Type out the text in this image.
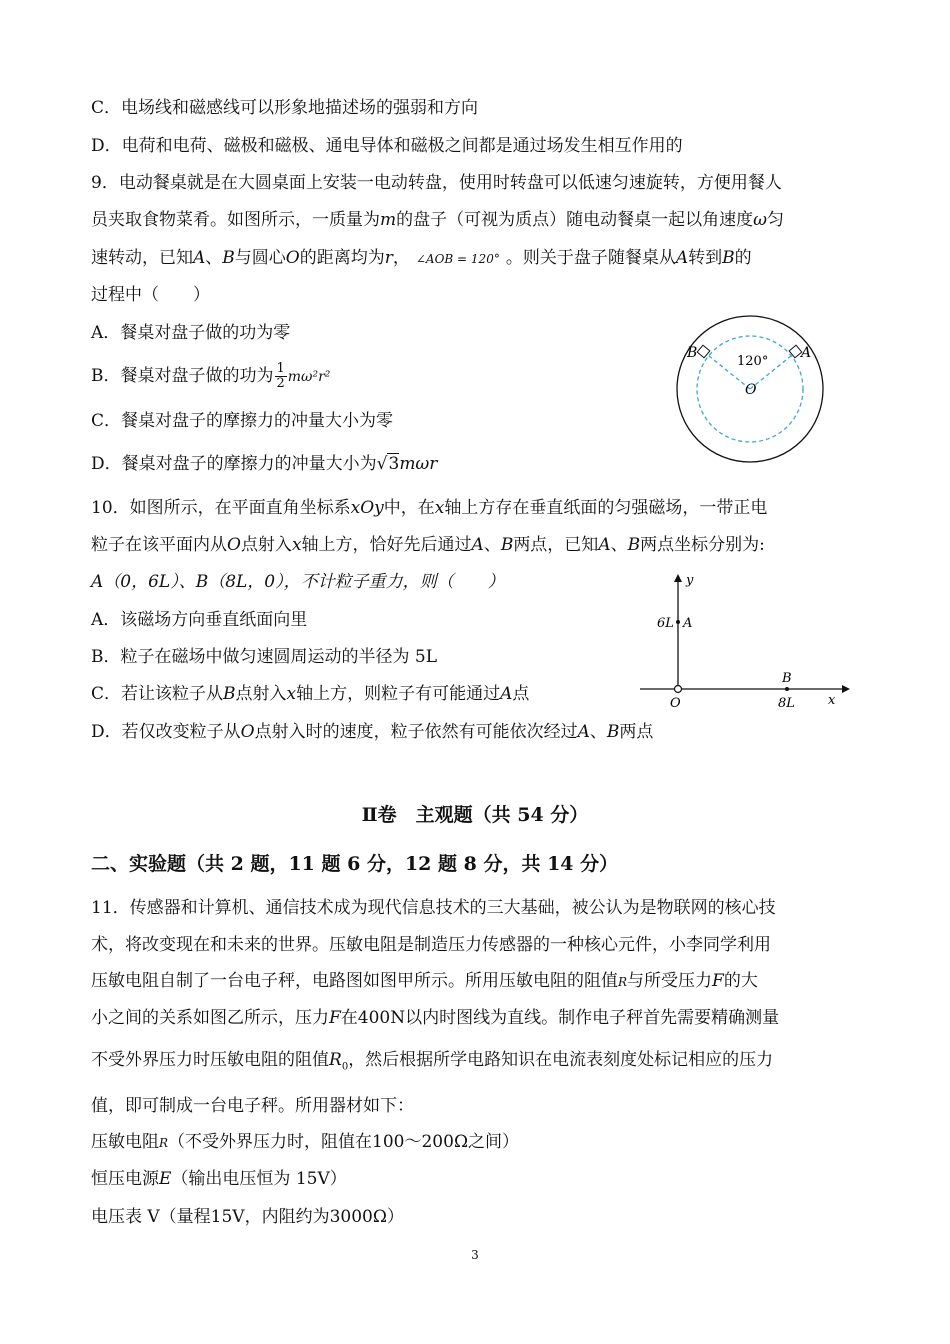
C．电场线和磁感线可以形象地描述场的强弱和方向
D．电荷和电荷、磁极和磁极、通电导体和磁极之间都是通过场发生相互作用的
9．电动餐桌就是在大圆桌面上安装一电动转盘，使用时转盘可以低速匀速旋转，方便用餐人
员夹取食物菜肴。如图所示，一质量为m的盘子（可视为质点）随电动餐桌一起以角速度ω匀
速转动，已知A、B与圆心O的距离均为r， ∠AOB = 120° 。则关于盘子随餐桌从A转到B的
过程中（　　）
A．餐桌对盘子做的功为零
B．餐桌对盘子做的功为 $\frac{1}{2} m\omega^2r^2$
C．餐桌对盘子的摩擦力的冲量大小为零
D．餐桌对盘子的摩擦力的冲量大小为√3mωr
B	A
120°
O
10．如图所示，在平面直角坐标系xOy中，在x轴上方存在垂直纸面的匀强磁场，一带正电
粒子在该平面内从O点射入x轴上方，恰好先后通过A、B两点，已知A、B两点坐标分别为:
A（0，6L）、B（8L，0），不计粒子重力，则（　　）
A．该磁场方向垂直纸面向里
B．粒子在磁场中做匀速圆周运动的半径为 5L
C．若让该粒子从B点射入x轴上方，则粒子有可能通过A点
D．若仅改变粒子从O点射入时的速度，粒子依然有可能依次经过A、B两点
y
6L A
B
O	8L	x
Ⅱ卷　主观题（共 54 分）
二、实验题（共 2 题，11 题 6 分，12 题 8 分，共 14 分）
11．传感器和计算机、通信技术成为现代信息技术的三大基础，被公认为是物联网的核心技
术，将改变现在和未来的世界。压敏电阻是制造压力传感器的一种核心元件，小李同学利用
压敏电阻自制了一台电子秤，电路图如图甲所示。所用压敏电阻的阻值R与所受压力F的大
小之间的关系如图乙所示，压力F在400N以内时图线为直线。制作电子秤首先需要精确测量
不受外界压力时压敏电阻的阻值$R_0$，然后根据所学电路知识在电流表刻度处标记相应的压力
值，即可制成一台电子秤。所用器材如下：
压敏电阻R（不受外界压力时，阻值在100～200Ω之间）
恒压电源E（输出电压恒为 15V）
电压表 V（量程15V，内阻约为3000Ω）
3
